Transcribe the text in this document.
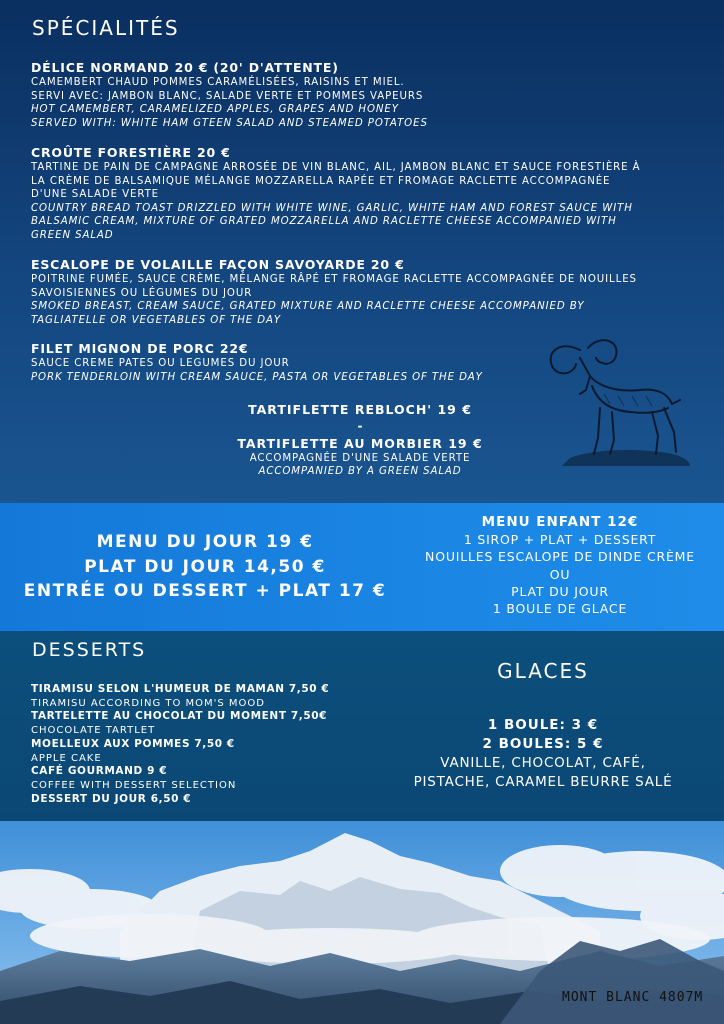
SPÉCIALITÉS
DÉLICE NORMAND 20 € (20' D'ATTENTE)
CAMEMBERT CHAUD POMMES CARAMÉLISÉES, RAISINS ET MIEL.
SERVI AVEC: JAMBON BLANC, SALADE VERTE ET POMMES VAPEURS
HOT CAMEMBERT, CARAMELIZED APPLES, GRAPES AND HONEY
SERVED WITH: WHITE HAM GTEEN SALAD AND STEAMED POTATOES
CROÛTE FORESTIÈRE 20 €
TARTINE DE PAIN DE CAMPAGNE ARROSÉE DE VIN BLANC, AIL, JAMBON BLANC ET SAUCE FORESTIÈRE À
LA CRÈME DE BALSAMIQUE MÉLANGE MOZZARELLA RAPÉE ET FROMAGE RACLETTE ACCOMPAGNÉE
D'UNE SALADE VERTE
COUNTRY BREAD TOAST DRIZZLED WITH WHITE WINE, GARLIC, WHITE HAM AND FOREST SAUCE WITH
BALSAMIC CREAM, MIXTURE OF GRATED MOZZARELLA AND RACLETTE CHEESE ACCOMPANIED WITH
GREEN SALAD
ESCALOPE DE VOLAILLE FAÇON SAVOYARDE 20 €
POITRINE FUMÉE, SAUCE CRÈME, MÉLANGE RÂPÉ ET FROMAGE RACLETTE ACCOMPAGNÉE DE NOUILLES
SAVOISIENNES OU LÉGUMES DU JOUR
SMOKED BREAST, CREAM SAUCE, GRATED MIXTURE AND RACLETTE CHEESE ACCOMPANIED BY
TAGLIATELLE OR VEGETABLES OF THE DAY
FILET MIGNON DE PORC 22€
SAUCE CREME PATES OU LEGUMES DU JOUR
PORK TENDERLOIN WITH CREAM SAUCE, PASTA OR VEGETABLES OF THE DAY
TARTIFLETTE REBLOCH' 19 €
-
TARTIFLETTE AU MORBIER 19 €
ACCOMPAGNÉE D'UNE SALADE VERTE
ACCOMPANIED BY A GREEN SALAD
MENU DU JOUR 19 €
PLAT DU JOUR 14,50 €
ENTRÉE OU DESSERT + PLAT 17 €
MENU ENFANT 12€
1 SIROP + PLAT + DESSERT
NOUILLES ESCALOPE DE DINDE CRÈME
OU
PLAT DU JOUR
1 BOULE DE GLACE
DESSERTS
TIRAMISU SELON L'HUMEUR DE MAMAN 7,50 €
TIRAMISU ACCORDING TO MOM'S MOOD
TARTELETTE AU CHOCOLAT DU MOMENT 7,50€
CHOCOLATE TARTLET
MOELLEUX AUX POMMES 7,50 €
APPLE CAKE
CAFÉ GOURMAND 9 €
COFFEE WITH DESSERT SELECTION
DESSERT DU JOUR 6,50 €
GLACES
1 BOULE: 3 €
2 BOULES: 5 €
VANILLE, CHOCOLAT, CAFÉ,
PISTACHE, CARAMEL BEURRE SALÉ
MONT BLANC 4807M
